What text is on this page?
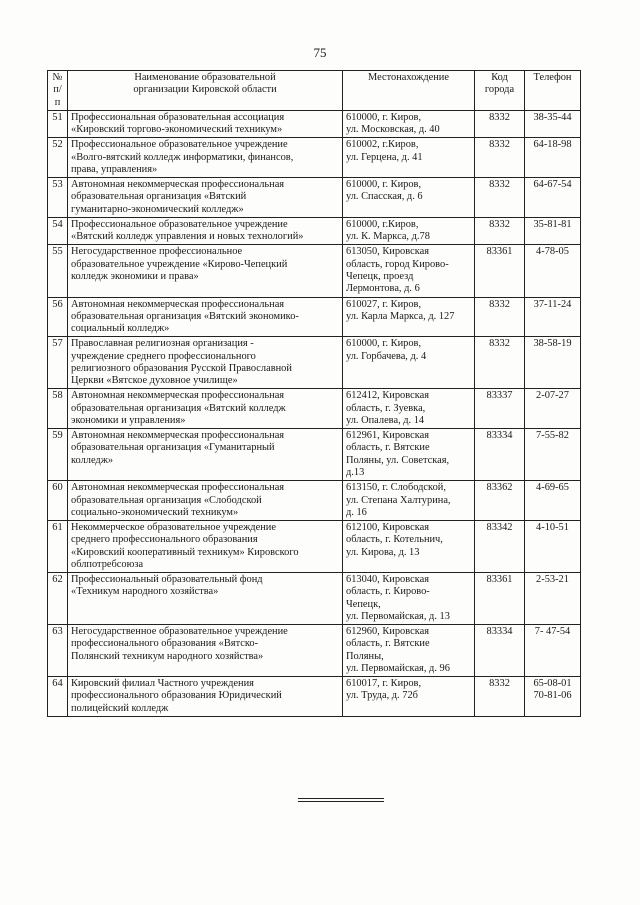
75
№
п/п	Наименование образовательной
организации Кировской области	Местонахождение	Код
города	Телефон
51	Профессиональная образовательная ассоциация
«Кировский торгово-экономический техникум»	610000, г. Киров,
ул. Московская, д. 40	8332	38-35-44
52	Профессиональное образовательное учреждение
«Волго-вятский колледж информатики, финансов,
права, управления»	610002, г.Киров,
ул. Герцена, д. 41	8332	64-18-98
53	Автономная некоммерческая профессиональная
образовательная организация «Вятский
гуманитарно-экономический колледж»	610000, г. Киров,
ул. Спасская, д. 6	8332	64-67-54
54	Профессиональное образовательное учреждение
«Вятский колледж управления и новых технологий»	610000, г.Киров,
ул. К. Маркса, д.78	8332	35-81-81
55	Негосударственное профессиональное
образовательное учреждение «Кирово-Чепецкий
колледж экономики и права»	613050, Кировская
область, город Кирово-
Чепецк, проезд
Лермонтова, д. 6	83361	4-78-05
56	Автономная некоммерческая профессиональная
образовательная организация «Вятский экономико-
социальный колледж»	610027, г. Киров,
ул. Карла Маркса, д. 127	8332	37-11-24
57	Православная религиозная организация -
учреждение среднего профессионального
религиозного образования Русской Православной
Церкви «Вятское духовное училище»	610000, г. Киров,
ул. Горбачева, д. 4	8332	38-58-19
58	Автономная некоммерческая профессиональная
образовательная организация «Вятский колледж
экономики и управления»	612412, Кировская
область, г. Зуевка,
ул. Опалева, д. 14	83337	2-07-27
59	Автономная некоммерческая профессиональная
образовательная организация «Гуманитарный
колледж»	612961, Кировская
область, г. Вятские
Поляны, ул. Советская,
д.13	83334	7-55-82
60	Автономная некоммерческая профессиональная
образовательная организация «Слободской
социально-экономический техникум»	613150, г. Слободской,
ул. Степана Халтурина,
д. 16	83362	4-69-65
61	Некоммерческое образовательное учреждение
среднего профессионального образования
«Кировский кооперативный техникум» Кировского
облпотребсоюза	612100, Кировская
область, г. Котельнич,
ул. Кирова, д. 13	83342	4-10-51
62	Профессиональный образовательный фонд
«Техникум народного хозяйства»	613040, Кировская
область, г. Кирово-
Чепецк,
ул. Первомайская, д. 13	83361	2-53-21
63	Негосударственное образовательное учреждение
профессионального образования «Вятско-
Полянский техникум народного хозяйства»	612960, Кировская
область, г. Вятские
Поляны,
ул. Первомайская, д. 96	83334	7- 47-54
64	Кировский филиал Частного учреждения
профессионального образования Юридический
полицейский колледж	610017, г. Киров,
ул. Труда, д. 72б	8332	65-08-01
70-81-06
